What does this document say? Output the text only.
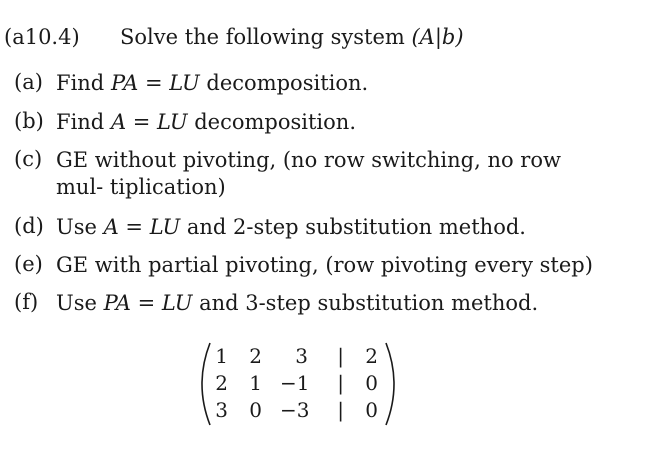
(a10.4) Solve the following system (A|b)
(a) Find PA = LU decomposition.
(b) Find A = LU decomposition.
(c) GE without pivoting, (no row switching, no row mul- tiplication)
(d) Use A = LU and 2-step substitution method.
(e) GE with partial pivoting, (row pivoting every step)
(f) Use PA = LU and 3-step substitution method.
1 2	3 | 2
2 1 −1 | 0
3 0 −3 | 0
